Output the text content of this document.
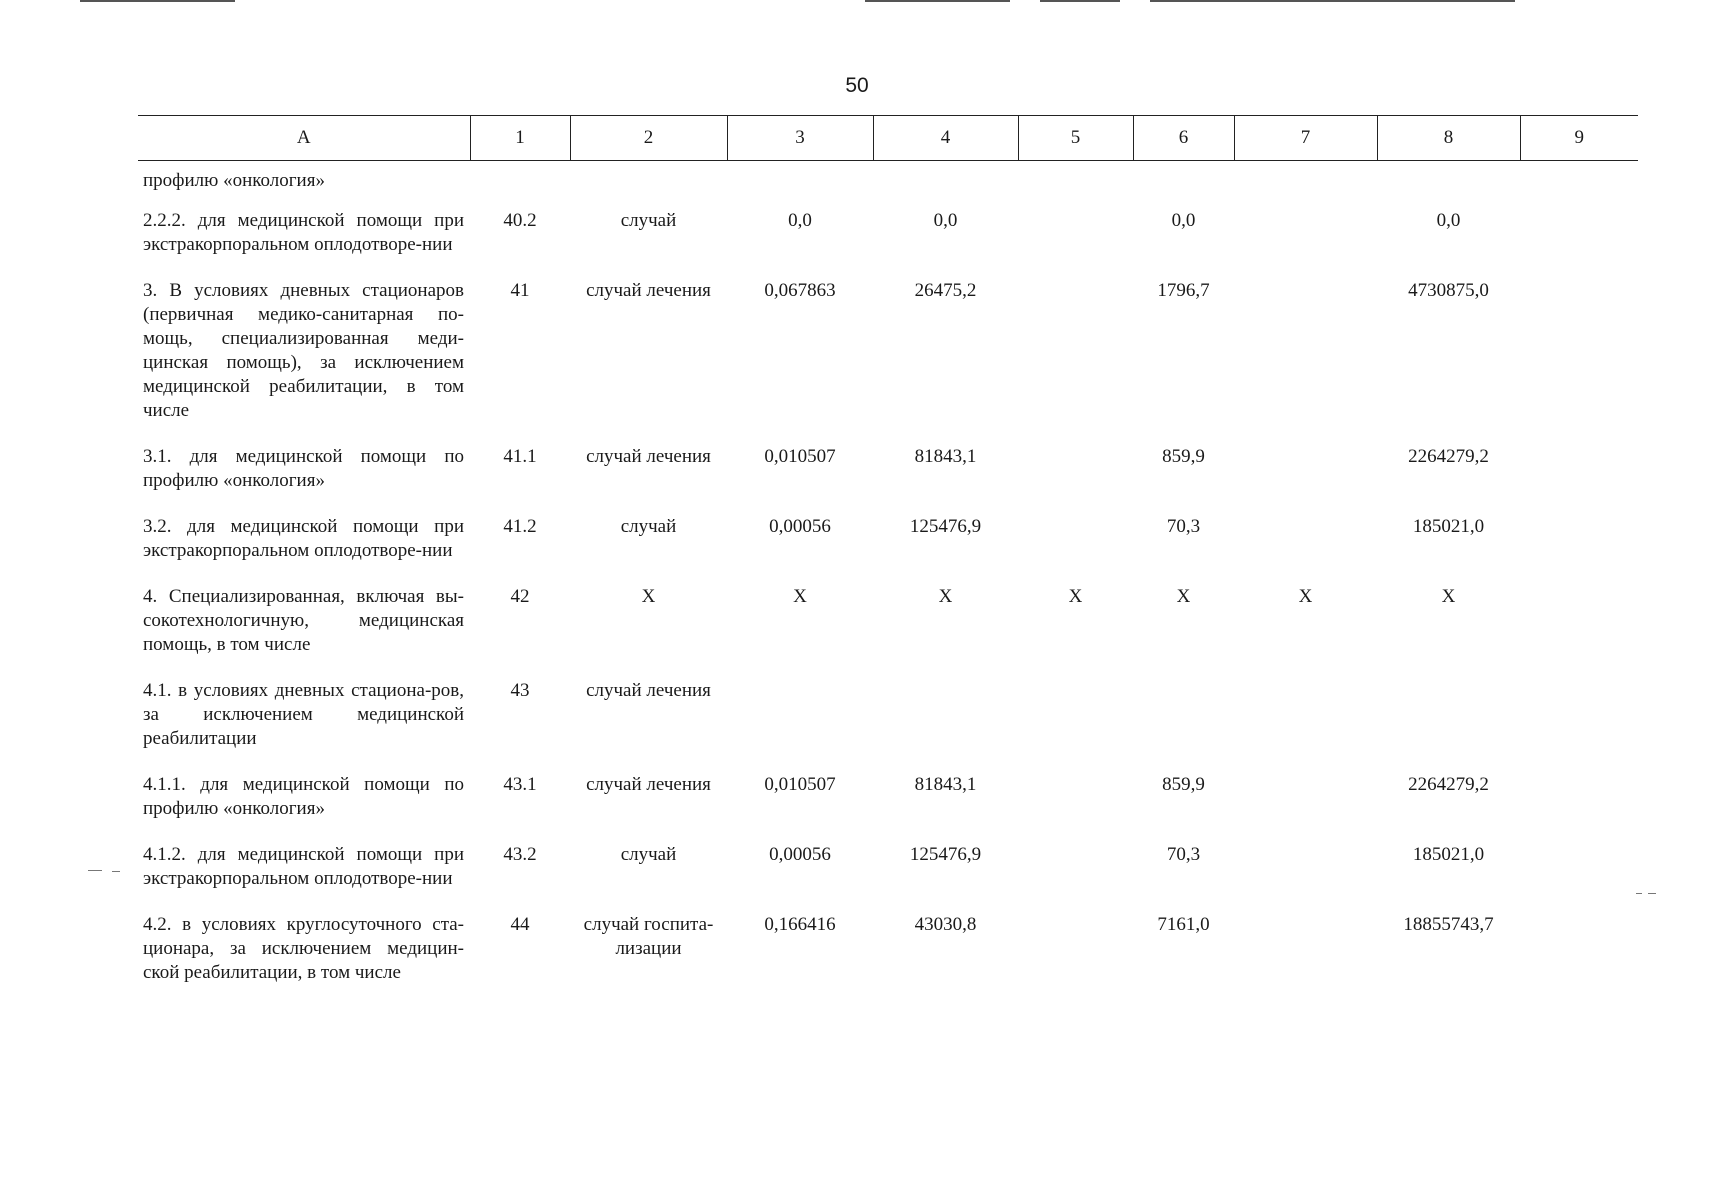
50
А	1	2	3	4	5	6	7	8	9
профилю «онкология»									
2.2.2. для медицинской помощи при экстракорпоральном оплодотворе-нии	40.2	случай	0,0	0,0		0,0		0,0	
3. В условиях дневных стационаров (первичная медико-санитарная по-мощь, специализированная меди-цинская помощь), за исключением медицинской реабилитации, в том числе	41	случай лечения	0,067863	26475,2		1796,7		4730875,0	
3.1. для медицинской помощи по профилю «онкология»	41.1	случай лечения	0,010507	81843,1		859,9		2264279,2	
3.2. для медицинской помощи при экстракорпоральном оплодотворе-нии	41.2	случай	0,00056	125476,9		70,3		185021,0	
4. Специализированная, включая вы-сокотехнологичную, медицинская помощь, в том числе	42	Х	Х	Х	Х	Х	Х	Х	
4.1. в условиях дневных стациона-ров, за исключением медицинской реабилитации	43	случай лечения							
4.1.1. для медицинской помощи по профилю «онкология»	43.1	случай лечения	0,010507	81843,1		859,9		2264279,2	
4.1.2. для медицинской помощи при экстракорпоральном оплодотворе-нии	43.2	случай	0,00056	125476,9		70,3		185021,0	
4.2. в условиях круглосуточного ста-ционара, за исключением медицин-ской реабилитации, в том числе	44	случай госпита-лизации	0,166416	43030,8		7161,0		18855743,7	
